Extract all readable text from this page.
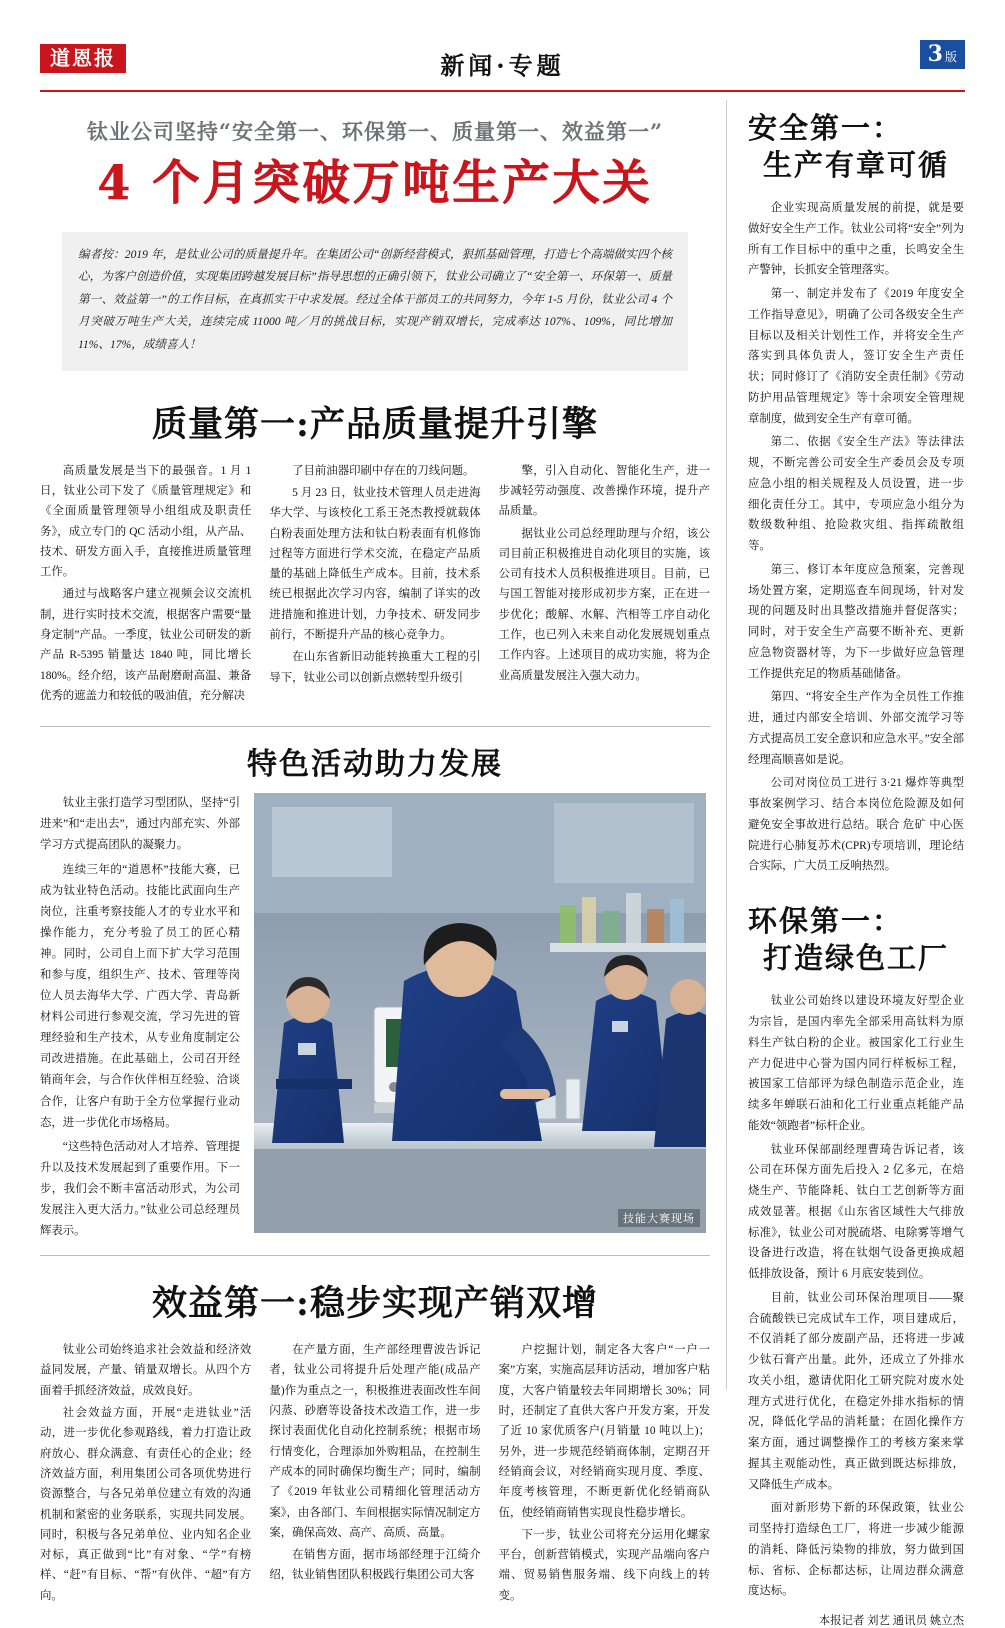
道恩报	新闻·专题	3 版
钛业公司坚持“安全第一、环保第一、质量第一、效益第一”
4 个月突破万吨生产大关
编者按：2019 年，是钛业公司的质量提升年。在集团公司“创新经营模式，狠抓基础管理，打造七个高端做实四个核心，为客户创造价值，实现集团跨越发展目标”指导思想的正确引领下，钛业公司确立了“安全第一、环保第一、质量第一、效益第一”的工作目标，在真抓实干中求发展。经过全体干部员工的共同努力，今年 1-5 月份，钛业公司 4 个月突破万吨生产大关，连续完成 11000 吨／月的挑战目标，实现产销双增长，完成率达 107%、109%，同比增加 11%、17%，成绩喜人！
质量第一:产品质量提升引擎

高质量发展是当下的最强音。1 月 1 日，钛业公司下发了《质量管理规定》和《全面质量管理领导小组组成及职责任务》，成立专门的 QC 活动小组，从产品、技术、研发方面入手，直接推进质量管理工作。

通过与战略客户建立视频会议交流机制，进行实时技术交流，根据客户需要“量身定制”产品。一季度，钛业公司研发的新产品 R-5395 销量达 1840 吨，同比增长 180%。经介绍，该产品耐磨耐高温、兼备优秀的遮盖力和较低的吸油值，充分解决

了目前油器印刷中存在的刀线问题。

5 月 23 日，钛业技术管理人员走进海华大学、与该校化工系王尧杰教授就载体白粉表面处理方法和钛白粉表面有机修饰过程等方面进行学术交流，在稳定产品质量的基础上降低生产成本。目前，技术系统已根据此次学习内容，编制了详实的改进措施和推进计划，力争技术、研发同步前行，不断提升产品的核心竞争力。

在山东省新旧动能转换重大工程的引导下，钛业公司以创新点燃转型升级引

擎，引入自动化、智能化生产，进一步减轻劳动强度、改善操作环境，提升产品质量。

据钛业公司总经理助理与介绍，该公司目前正积极推进自动化项目的实施，该公司有技术人员积极推进项目。目前，已与国工智能对接形成初步方案，正在进一步优化；酸解、水解、汽相等工序自动化工作，也已列入未来自动化发展规划重点工作内容。上述项目的成功实施，将为企业高质量发展注入强大动力。

特色活动助力发展

钛业主张打造学习型团队，坚持“引进来”和“走出去”，通过内部充实、外部学习方式提高团队的凝聚力。

连续三年的“道恩杯”技能大赛，已成为钛业特色活动。技能比武面向生产岗位，注重考察技能人才的专业水平和操作能力，充分考验了员工的匠心精神。同时，公司自上而下扩大学习范围和参与度，组织生产、技术、管理等岗位人员去海华大学、广西大学、青岛新材料公司进行参观交流，学习先进的管理经验和生产技术，从专业角度制定公司改进措施。在此基础上，公司召开经销商年会，与合作伙伴相互经验、洽谈合作，让客户有助于全方位掌握行业动态，进一步优化市场格局。

“这些特色活动对人才培养、管理提升以及技术发展起到了重要作用。下一步，我们会不断丰富活动形式，为公司发展注入更大活力。”钛业公司总经理员辉表示。

技能大赛现场
效益第一:稳步实现产销双增

钛业公司始终追求社会效益和经济效益同发展，产量、销量双增长。从四个方面着手抓经济效益，成效良好。

社会效益方面，开展“走进钛业”活动，进一步优化参观路线，着力打造让政府放心、群众满意、有责任心的企业；经济效益方面，利用集团公司各项优势进行资源整合，与各兄弟单位建立有效的沟通机制和紧密的业务联系，实现共同发展。同时，积极与各兄弟单位、业内知名企业对标，真正做到“比”有对象、“学”有榜样、“赶”有目标、“帮”有伙伴、“超”有方向。

在产量方面，生产部经理曹波告诉记者，钛业公司将提升后处理产能(成品产量)作为重点之一，积极推进表面改性车间闪蒸、砂磨等设备技术改造工作，进一步探讨表面优化自动化控制系统；根据市场行情变化，合理添加外购粗品，在控制生产成本的同时确保均衡生产；同时，编制了《2019 年钛业公司精细化管理活动方案》，由各部门、车间根据实际情况制定方案，确保高效、高产、高质、高量。

在销售方面，据市场部经理于江绮介绍，钛业销售团队积极践行集团公司大客

户挖掘计划，制定各大客户“一户一案”方案，实施高层拜访活动，增加客户粘度，大客户销量较去年同期增长 30%；同时，还制定了直供大客户开发方案，开发了近 10 家优质客户(月销量 10 吨以上)；另外，进一步规范经销商体制，定期召开经销商会议，对经销商实现月度、季度、年度考核管理，不断更新优化经销商队伍，使经销商销售实现良性稳步增长。

下一步，钛业公司将充分运用化螺家平台，创新营销模式，实现产品端向客户端、贸易销售服务端、线下向线上的转变。

安全第一：
生产有章可循

企业实现高质量发展的前提，就是要做好安全生产工作。钛业公司将“安全”列为所有工作目标中的重中之重，长鸣安全生产警钟，长抓安全管理落实。

第一、制定并发布了《2019 年度安全工作指导意见》，明确了公司各级安全生产目标以及相关计划性工作，并将安全生产落实到具体负责人，签订安全生产责任状；同时修订了《消防安全责任制》《劳动防护用品管理规定》等十余项安全管理规章制度，做到安全生产有章可循。

第二、依据《安全生产法》等法律法规，不断完善公司安全生产委员会及专项应急小组的相关规程及人员设置，进一步细化责任分工。其中，专项应急小组分为数级数种组、抢险救灾组、指挥疏散组等。

第三、修订本年度应急预案，完善现场处置方案，定期巡查车间现场，针对发现的问题及时出具整改措施并督促落实；同时，对于安全生产高要不断补充、更新应急物资器材等，为下一步做好应急管理工作提供充足的物质基础储备。

第四、“将安全生产作为全员性工作推进，通过内部安全培训、外部交流学习等方式提高员工安全意识和应急水平。”安全部经理高顺喜如是说。

公司对岗位员工进行 3·21 爆炸等典型事故案例学习、结合本岗位危险源及如何避免安全事故进行总结。联合 危矿 中心医院进行心肺复苏术(CPR)专项培训，理论结合实际，广大员工反响热烈。

环保第一：
打造绿色工厂

钛业公司始终以建设环境友好型企业为宗旨，是国内率先全部采用高钛料为原料生产钛白粉的企业。被国家化工行业生产力促进中心誉为国内同行样板标工程，被国家工信部评为绿色制造示范企业，连续多年蝉联石油和化工行业重点耗能产品能效“领跑者”标杆企业。

钛业环保部副经理曹琦告诉记者，该公司在环保方面先后投入 2 亿多元，在焙烧生产、节能降耗、钛白工艺创新等方面成效显著。根据《山东省区域性大气排放标准》，钛业公司对脱硫塔、电除雾等增气设备进行改造，将在钛烟气设备更换成超低排放设备，预计 6 月底安装到位。

目前，钛业公司环保治理项目——聚合硫酸铁已完成试车工作，项目建成后，不仅消耗了部分废副产品，还将进一步减少钛石膏产出量。此外，还成立了外排水攻关小组，邀请优阳化工研究院对废水处理方式进行优化，在稳定外排水指标的情况，降低化学品的消耗量；在固化操作方案方面，通过调整操作工的考核方案来掌握其主观能动性，真正做到既达标排放，又降低生产成本。

面对新形势下新的环保政策，钛业公司坚持打造绿色工厂，将进一步减少能源的消耗、降低污染物的排放，努力做到国标、省标、企标都达标，让周边群众满意度达标。

本报记者 刘艺 通讯员 姚立杰
